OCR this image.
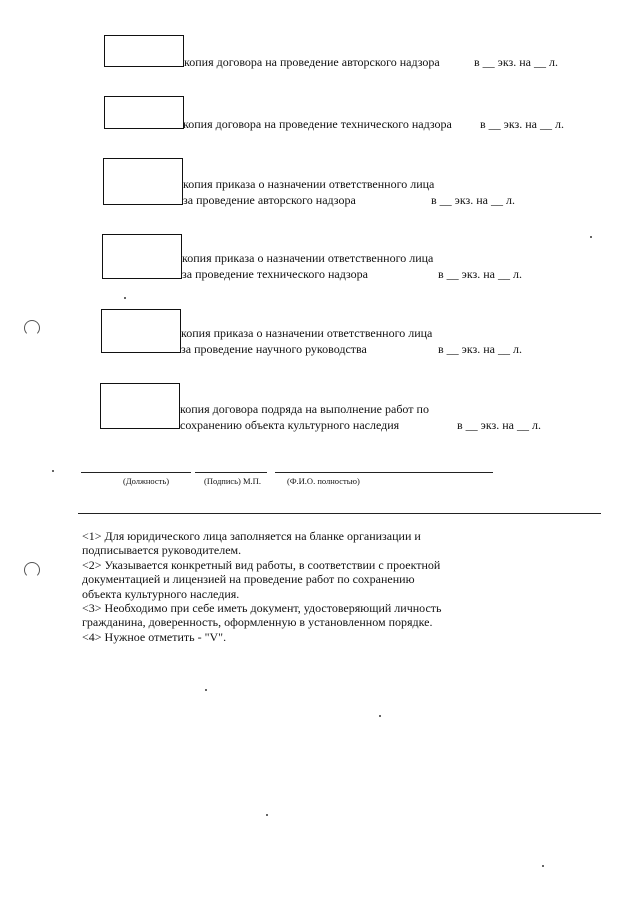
копия договора на проведение авторского надзора	в __ экз. на __ л.
копия договора на проведение технического надзора в __ экз. на __ л.
копия приказа о назначении ответственного лица
за проведение авторского надзора	в __ экз. на __ л.
копия приказа о назначении ответственного лица
за проведение технического надзора	в __ экз. на __ л.
копия приказа о назначении ответственного лица
за проведение научного руководства	в __ экз. на __ л.
копия договора подряда на выполнение работ по
сохранению объекта культурного наследия	в __ экз. на __ л.
(Должность)	(Подпись) М.П.	(Ф.И.О. полностью)

<1> Для юридического лица заполняется на бланке организации и

подписывается руководителем.

<2> Указывается конкретный вид работы, в соответствии с проектной

документацией и лицензией на проведение работ по сохранению

объекта культурного наследия.

<3> Необходимо при себе иметь документ, удостоверяющий личность

гражданина, доверенность, оформленную в установленном порядке.

<4> Нужное отметить - "V".
